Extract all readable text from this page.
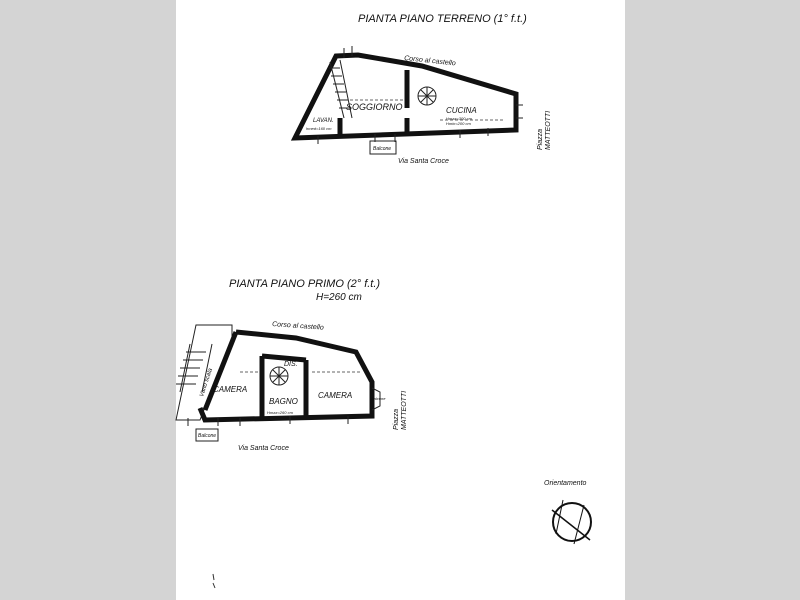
PIANTA PIANO TERRENO (1° f.t.)
Corso al castello
SOGGIORNO	CUCINA
Hmax=300 cm
Hmin=200 cm
LAVAN.
hmed=160 cm
Balcone
Via Santa Croce
Piazza MATTEOTTI
PIANTA PIANO PRIMO (2° f.t.)
H=260 cm
Corso al castello
Vano scala
CAMERA
CAMERA
BAGNO
Hmax=260 cm
DIS.
Balcone
Balcone
Via Santa Croce
Piazza MATTEOTTI
Orientamento
